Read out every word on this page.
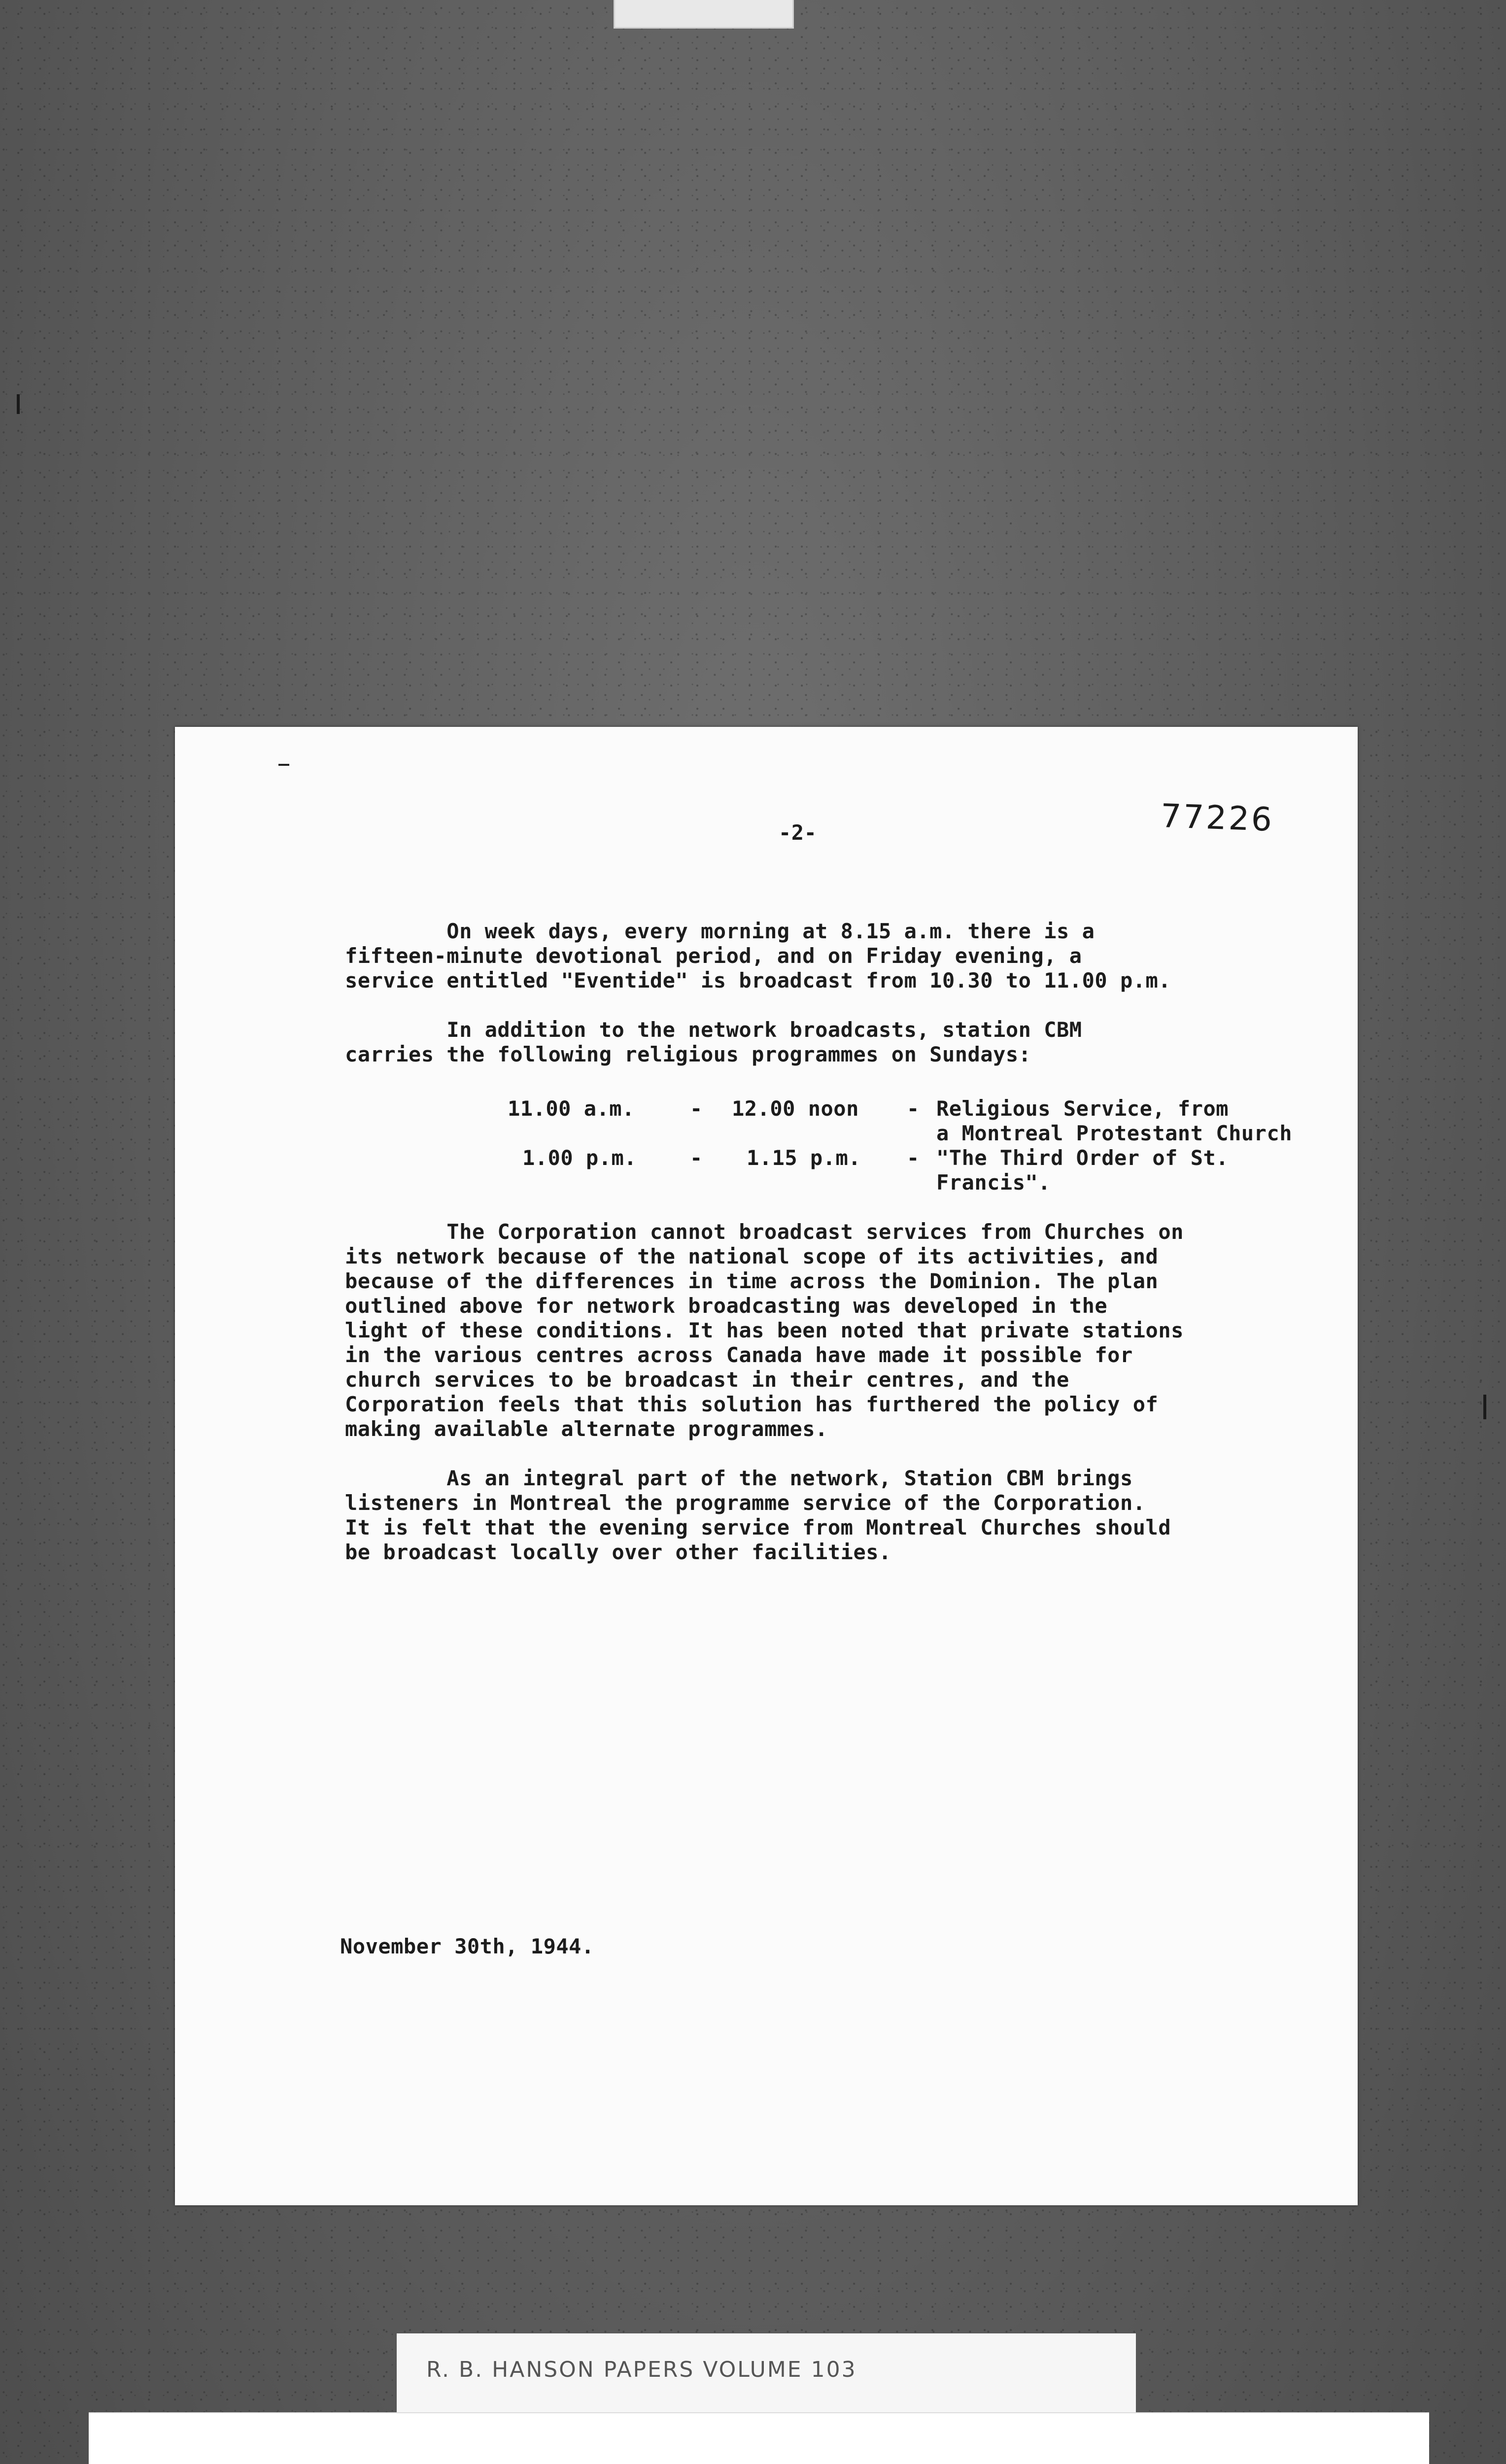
-2-	77226
On week days, every morning at 8.15 a.m. there is a
fifteen-minute devotional period, and on Friday evening, a
service entitled "Eventide" is broadcast from 10.30 to 11.00 p.m.
In addition to the network broadcasts, station CBM
carries the following religious programmes on Sundays:
11.00 a.m.	- 12.00 noon - Religious Service, from
a Montreal Protestant Church
1.00 p.m.	- 1.15 p.m. - "The Third Order of St.
Francis".
The Corporation cannot broadcast services from Churches on
its network because of the national scope of its activities, and
because of the differences in time across the Dominion. The plan
outlined above for network broadcasting was developed in the
light of these conditions. It has been noted that private stations
in the various centres across Canada have made it possible for
church services to be broadcast in their centres, and the
Corporation feels that this solution has furthered the policy of
making available alternate programmes.
As an integral part of the network, Station CBM brings
listeners in Montreal the programme service of the Corporation.
It is felt that the evening service from Montreal Churches should
be broadcast locally over other facilities.
November 30th, 1944.
R. B. HANSON PAPERS VOLUME 103
